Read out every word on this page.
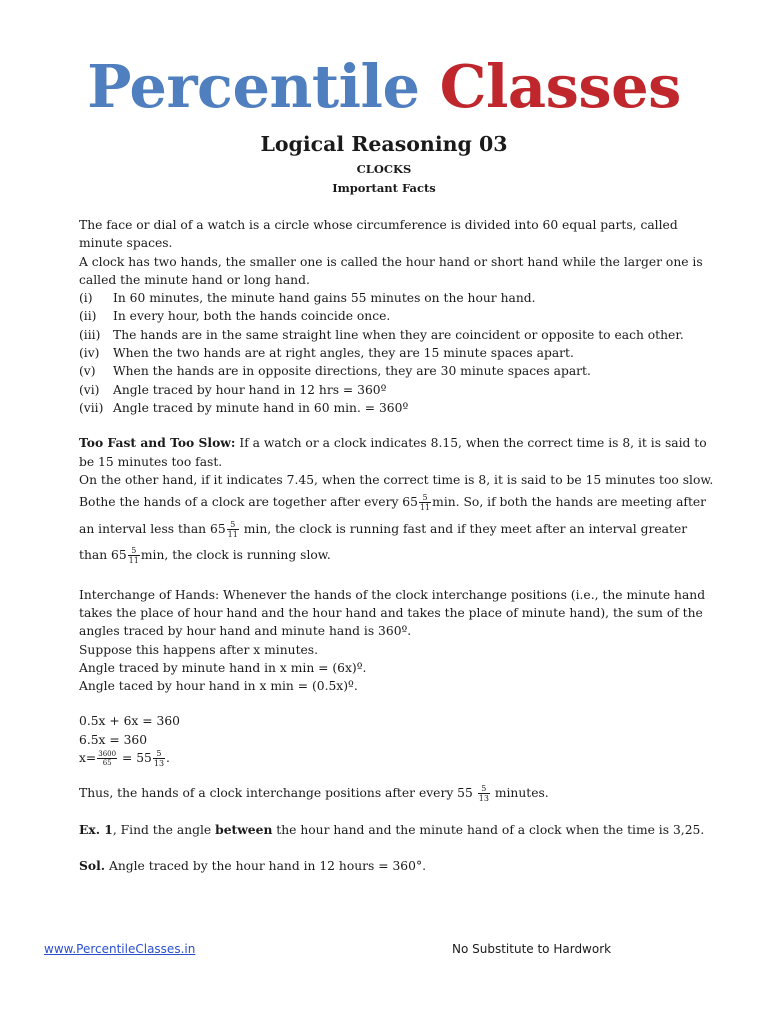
Percentile Classes
Logical Reasoning 03
CLOCKS
Important Facts

The face or dial of a watch is a circle whose circumference is divided into 60 equal parts, called minute spaces.

A clock has two hands, the smaller one is called the hour hand or short hand while the larger one is called the minute hand or long hand.

(i)	In 60 minutes, the minute hand gains 55 minutes on the hour hand.
(ii)	In every hour, both the hands coincide once.
(iii)	The hands are in the same straight line when they are coincident or opposite to each other.
(iv)	When the two hands are at right angles, they are 15 minute spaces apart.
(v)	When the hands are in opposite directions, they are 30 minute spaces apart.
(vi)	Angle traced by hour hand in 12 hrs = 360º
(vii) Angle traced by minute hand in 60 min. = 360º

Too Fast and Too Slow: If a watch or a clock indicates 8.15, when the correct time is 8, it is said to be 15 minutes too fast.

On the other hand, if it indicates 7.45, when the correct time is 8, it is said to be 15 minutes too slow.

Bothe the hands of a clock are together after every $65 \frac{5}{11} \min$. So, if both the hands are meeting after

an interval less than $65 \frac{5}{11} \min$, the clock is running fast and if they meet after an interval greater

than $65 \frac{5}{11} \min$, the clock is running slow.

Interchange of Hands: Whenever the hands of the clock interchange positions (i.e., the minute hand takes the place of hour hand and the hour hand and takes the place of minute hand), the sum of the angles traced by hour hand and minute hand is 360º.

Suppose this happens after x minutes.

Angle traced by minute hand in x min = (6x)º.

Angle taced by hour hand in x min = (0.5x)º.

0.5x + 6x = 360

6.5x = 360

$x= \frac{3600}{65} = 55 \frac{5}{13}$ .

Thus, the hands of a clock interchange positions after every $55 \frac{5}{13}$ minutes.

Ex. 1, Find the angle between the hour hand and the minute hand of a clock when the time is 3,25.

Sol. Angle traced by the hour hand in 12 hours = 360°.

www.PercentileClasses.in	No Substitute to Hardwork
